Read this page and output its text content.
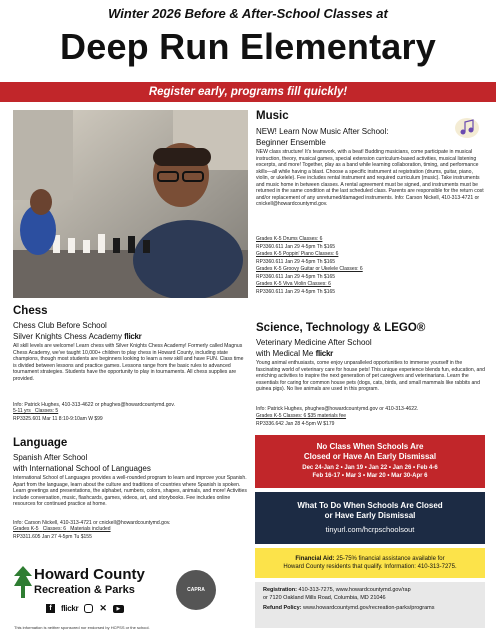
Winter 2026 Before & After-School Classes at
Deep Run Elementary
Register early, programs fill quickly!
Chess
Chess Club Before School
Silver Knights Chess Academy flickr
All skill levels are welcome! Learn chess with Silver Knights Chess Academy! Formerly called Magnus Chess Academy, we've taught 10,000+ children to play chess in Howard County, including state champions, though most students are beginners looking to learn a new skill and have FUN. Class time is divided between lessons and practice games. Lessons range from the basic rules to advanced tournament strategies. Students have the opportunity to play in tournaments. All chess supplies are provided.
Info: Patrick Hughes, 410-313-4622 or phughes@howardcountymd.gov.
5-11 yrs Classes: 5
RP3325.601 Mar 11 8:10-9:10am W $99
Language
Spanish After School
with International School of Languages
International School of Languages provides a well-rounded program to learn and improve your Spanish. Apart from the language, learn about the culture and traditions of countries where Spanish is spoken. Learn greetings and presentations, the alphabet, numbers, colors, shapes, animals, and more! Activities include conversation, music, flashcards, games, videos, art, and storybooks. Fee includes online resources for continued practice at home.
Info: Carson Nickell, 410-313-4721 or cnickell@howardcountymd.gov.
Grades K-5 Classes: 6 Materials included
RP3311.605 Jan 27 4-5pm Tu $155
Music
NEW! Learn Now Music After School:
Beginner Ensemble
NEW class structure! It's teamwork, with a beat! Budding musicians, come participate in musical instruction, theory, musical games, special extension curriculum-based activities, musical listening excerpts, and more! Together, play as a band while learning collaboration, timing, and performance skills—all while having a blast. Choose a specific instrument at registration (drums, guitar, piano, violin, or ukelele). Fee includes rental instrument and required curriculum (music). Take instruments and music home in between classes. A rental agreement must be signed, and instruments must be returned in the same condition at the last scheduled class. Parents are responsible for the return cost and/or replacement of any unreturned/damaged instruments. Info: Carson Nickell, 410-313-4721 or cnickell@howardcountymd.gov.
Grades K-5 Drums Classes: 6
RP3360.611 Jan 29 4-5pm Th $165
Grades K-5 Poppin' Piano Classes: 6
RP3360.611 Jan 29 4-5pm Th $165
Grades K-5 Groovy Guitar or Ukelele Classes: 6
RP3360.611 Jan 29 4-5pm Th $165
Grades K-5 Viva Violin Classes: 6
RP3360.611 Jan 29 4-5pm Th $165
Science, Technology & LEGO®
Veterinary Medicine After School
with Medical Me flickr
Young animal enthusiasts, come enjoy unparalleled opportunities to immerse yourself in the fascinating world of veterinary care for house pets! This unique experience blends fun, education, and enriching activities to inspire the next generation of pet caregivers and veterinarians. Learn the essentials for caring for common house pets (dogs, cats, birds, and small mammals like rabbits and guinea pigs). No live animals are used in this program.
Info: Patrick Hughes, phughes@howardcountymd.gov or 410-313-4622.
Grades K-5 Classes: 6 $35 materials fee
RP3336.642 Jan 28 4-5pm W $179
No Class When Schools Are
Closed or Have An Early Dismissal
Dec 24-Jan 2 • Jan 19 • Jan 22 • Jan 26 • Feb 4-6
Feb 16-17 • Mar 3 • Mar 20 • Mar 30-Apr 6
What To Do When Schools Are Closed
or Have Early Dismissal
tinyurl.com/hcrpschoolsout
Financial Aid: 25-75% financial assistance available for
Howard County residents that qualify. Information: 410-313-7275.
Registration: 410-313-7275, www.howardcountymd.gov/rap
or 7120 Oakland Mills Road, Columbia, MD 21046
Refund Policy: www.howardcountymd.gov/recreation-parks/programs
Howard County
Recreation & Parks
f	flickr ✕	▶
CAPRA
This information is neither sponsored nor endorsed by HCPSS or the school.
